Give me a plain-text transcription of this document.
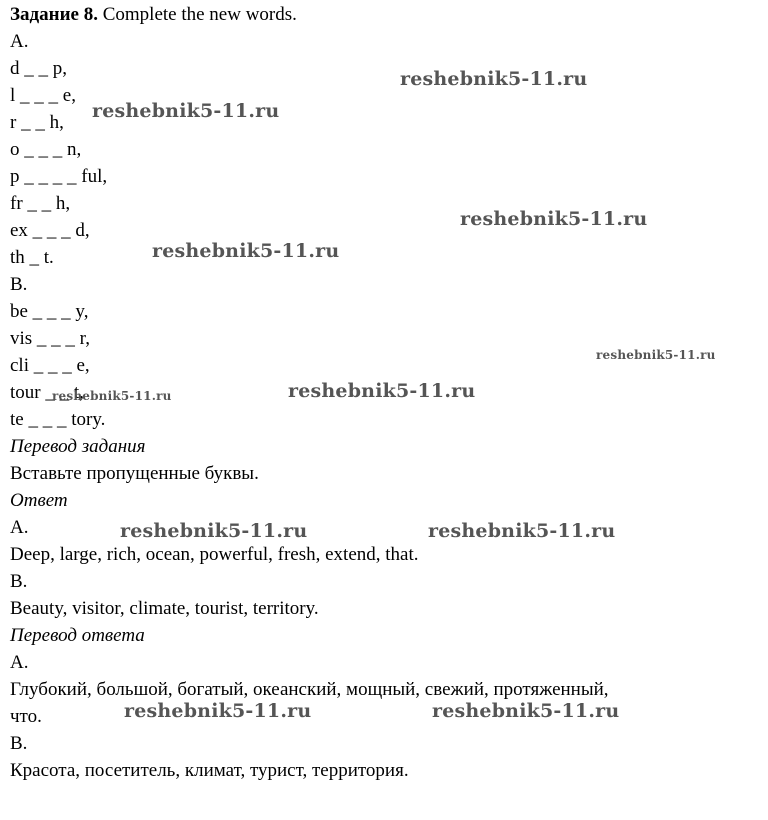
Задание 8. Complete the new words.
A.
d _ _ p,
l _ _ _ e,
r _ _ h,
o _ _ _ n,
p _ _ _ _ ful,
fr _ _ h,
ex _ _ _ d,
th _ t.
B.
be _ _ _ y,
vis _ _ _ r,
cli _ _ _ e,
tour _ _ t,
te _ _ _ tory.
Перевод задания
Вставьте пропущенные буквы.
Ответ
A.
Deep, large, rich, ocean, powerful, fresh, extend, that.
B.
Beauty, visitor, climate, tourist, territory.
Перевод ответа
A.
Глубокий, большой, богатый, океанский, мощный, свежий, протяженный,
что.
B.
Красота, посетитель, климат, турист, территория.
reshebnik5-11.ru
reshebnik5-11.ru
reshebnik5-11.ru
reshebnik5-11.ru
reshebnik5-11.ru
reshebnik5-11.ru
reshebnik5-11.ru
reshebnik5-11.ru	reshebnik5-11.ru
reshebnik5-11.ru	reshebnik5-11.ru
